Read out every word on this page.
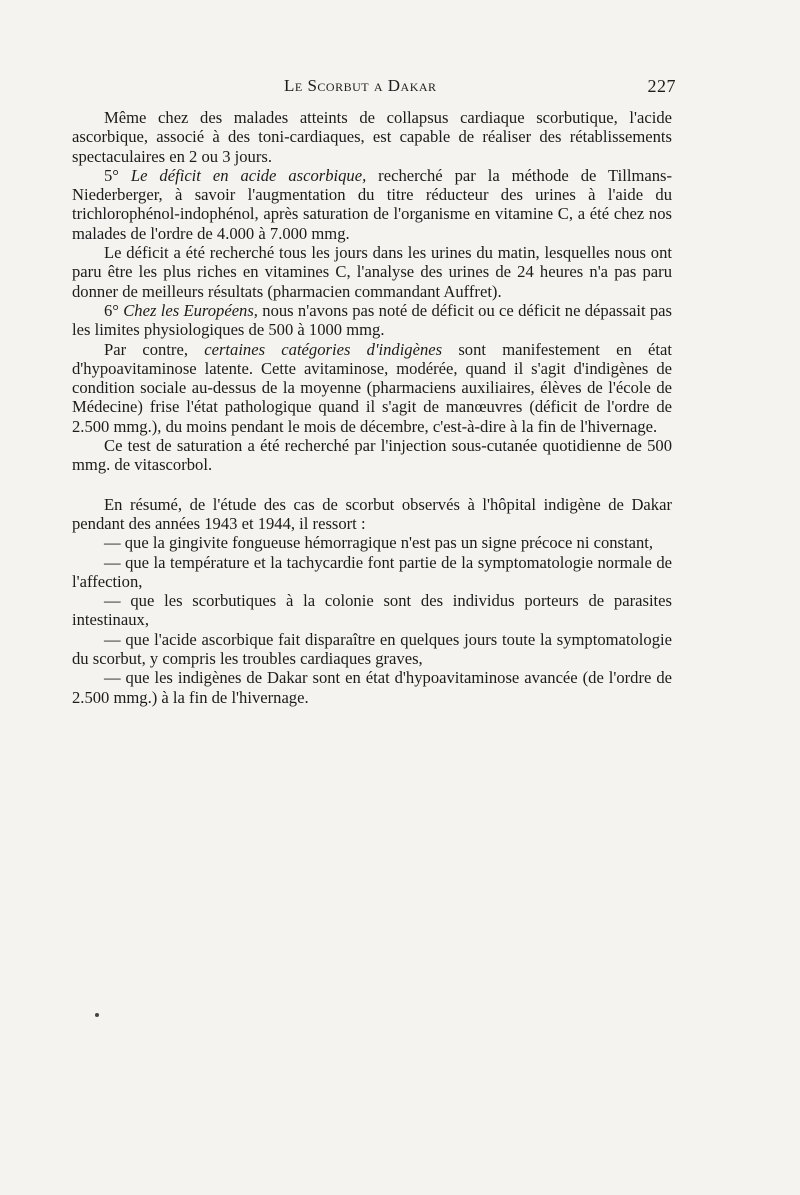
Le Scorbut a Dakar	227

Même chez des malades atteints de collapsus cardiaque scorbutique, l'acide ascorbique, associé à des toni-cardiaques, est capable de réaliser des rétablissements spectaculaires en 2 ou 3 jours.

5° Le déficit en acide ascorbique, recherché par la méthode de Tillmans-Niederberger, à savoir l'augmentation du titre réducteur des urines à l'aide du trichlorophénol-indophénol, après saturation de l'organisme en vitamine C, a été chez nos malades de l'ordre de 4.000 à 7.000 mmg.

Le déficit a été recherché tous les jours dans les urines du matin, lesquelles nous ont paru être les plus riches en vitamines C, l'analyse des urines de 24 heures n'a pas paru donner de meilleurs résultats (pharmacien commandant Auffret).

6° Chez les Européens, nous n'avons pas noté de déficit ou ce déficit ne dépassait pas les limites physiologiques de 500 à 1000 mmg.

Par contre, certaines catégories d'indigènes sont manifestement en état d'hypoavitaminose latente. Cette avitaminose, modérée, quand il s'agit d'indigènes de condition sociale au-dessus de la moyenne (pharmaciens auxiliaires, élèves de l'école de Médecine) frise l'état pathologique quand il s'agit de manœuvres (déficit de l'ordre de 2.500 mmg.), du moins pendant le mois de décembre, c'est-à-dire à la fin de l'hivernage.

Ce test de saturation a été recherché par l'injection sous-cutanée quotidienne de 500 mmg. de vitascorbol.

En résumé, de l'étude des cas de scorbut observés à l'hôpital indigène de Dakar pendant des années 1943 et 1944, il ressort :

— que la gingivite fongueuse hémorragique n'est pas un signe précoce ni constant,

— que la température et la tachycardie font partie de la symptomatologie normale de l'affection,

— que les scorbutiques à la colonie sont des individus porteurs de parasites intestinaux,

— que l'acide ascorbique fait disparaître en quelques jours toute la symptomatologie du scorbut, y compris les troubles cardiaques graves,

— que les indigènes de Dakar sont en état d'hypoavitaminose avancée (de l'ordre de 2.500 mmg.) à la fin de l'hivernage.
